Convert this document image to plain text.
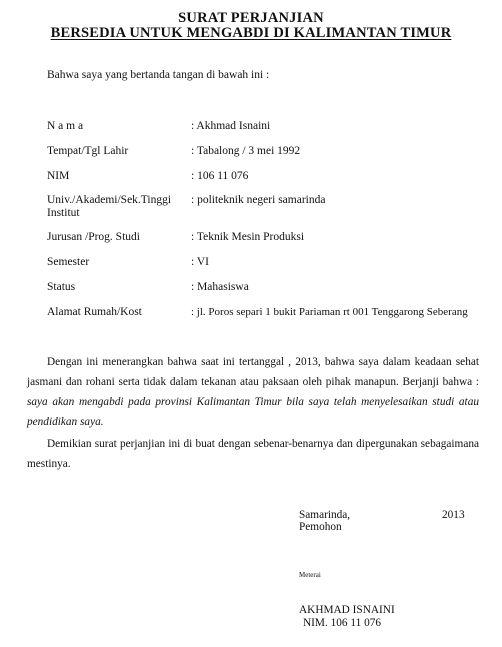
SURAT PERJANJIAN
BERSEDIA UNTUK MENGABDI DI KALIMANTAN TIMUR
Bahwa saya yang bertanda tangan di bawah ini :
N a m a	: Akhmad Isnaini
Tempat/Tgl Lahir	: Tabalong / 3 mei 1992
NIM	: 106 11 076
Univ./Akademi/Sek.Tinggi Institut
: politeknik negeri samarinda
Jurusan /Prog. Studi	: Teknik Mesin Produksi
Semester	: VI
Status	: Mahasiswa
Alamat Rumah/Kost	: jl. Poros separi 1 bukit Pariaman rt 001 Tenggarong Seberang
Dengan ini menerangkan bahwa saat ini tertanggal , 2013, bahwa saya dalam keadaan sehat jasmani dan rohani serta tidak dalam tekanan atau paksaan oleh pihak manapun. Berjanji bahwa : saya akan mengabdi pada provinsi Kalimantan Timur bila saya telah menyelesaikan studi atau pendidikan saya.
Demikian surat perjanjian ini di buat dengan sebenar-benarnya dan dipergunakan sebagaimana mestinya.
Samarinda,	2013
Pemohon
Meterai
AKHMAD ISNAINI
NIM. 106 11 076
